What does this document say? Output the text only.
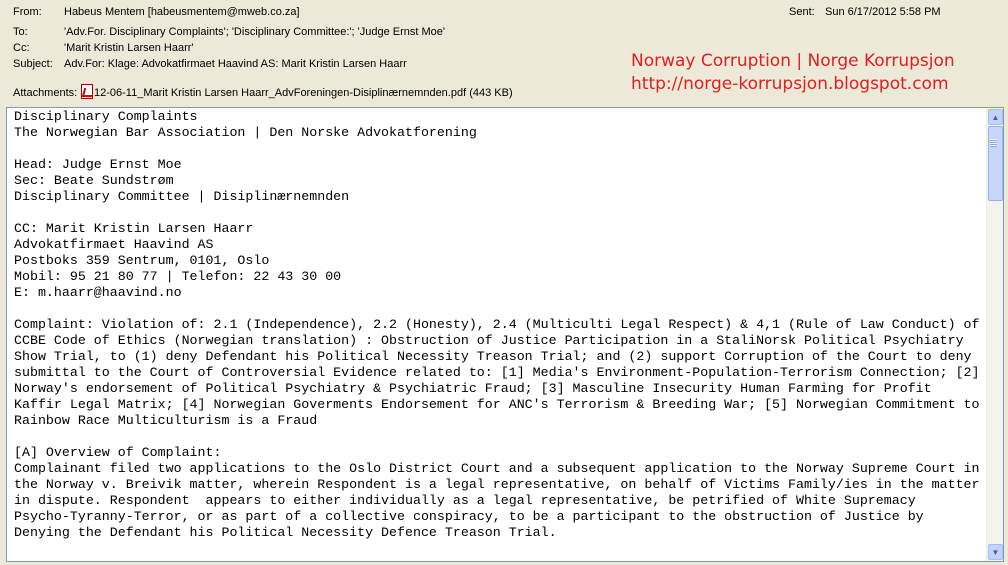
From: Habeus Mentem [habeusmentem@mweb.co.za]	Sent: Sun 6/17/2012 5:58 PM
To:	'Adv.For. Disciplinary Complaints'; 'Disciplinary Committee:'; 'Judge Ernst Moe'
Cc:	'Marit Kristin Larsen Haarr'
Subject: Adv.For: Klage: Advokatfirmaet Haavind AS: Marit Kristin Larsen Haarr
Attachments: 12-06-11_Marit Kristin Larsen Haarr_AdvForeningen-Disiplinærnemnden.pdf (443 KB)
Norway Corruption | Norge Korrupsjon
http://norge-korrupsjon.blogspot.com
Disciplinary Complaints
The Norwegian Bar Association | Den Norske Advokatforening

Head: Judge Ernst Moe
Sec: Beate Sundstrøm
Disciplinary Committee | Disiplinærnemnden

CC: Marit Kristin Larsen Haarr
Advokatfirmaet Haavind AS
Postboks 359 Sentrum, 0101, Oslo
Mobil: 95 21 80 77 | Telefon: 22 43 30 00
E: m.haarr@haavind.no

Complaint: Violation of: 2.1 (Independence), 2.2 (Honesty), 2.4 (Multiculti Legal Respect) & 4,1 (Rule of Law Conduct) of
CCBE Code of Ethics (Norwegian translation) : Obstruction of Justice Participation in a StaliNorsk Political Psychiatry
Show Trial, to (1) deny Defendant his Political Necessity Treason Trial; and (2) support Corruption of the Court to deny
submittal to the Court of Controversial Evidence related to: [1] Media's Environment-Population-Terrorism Connection; [2]
Norway's endorsement of Political Psychiatry & Psychiatric Fraud; [3] Masculine Insecurity Human Farming for Profit
Kaffir Legal Matrix; [4] Norwegian Goverments Endorsement for ANC's Terrorism & Breeding War; [5] Norwegian Commitment to
Rainbow Race Multiculturism is a Fraud

[A] Overview of Complaint:
Complainant filed two applications to the Oslo District Court and a subsequent application to the Norway Supreme Court in
the Norway v. Breivik matter, wherein Respondent is a legal representative, on behalf of Victims Family/ies in the matter
in dispute. Respondent  appears to either individually as a legal representative, be petrified of White Supremacy
Psycho-Tyranny-Terror, or as part of a collective conspiracy, to be a participant to the obstruction of Justice by
Denying the Defendant his Political Necessity Defence Treason Trial.
▲
▼
